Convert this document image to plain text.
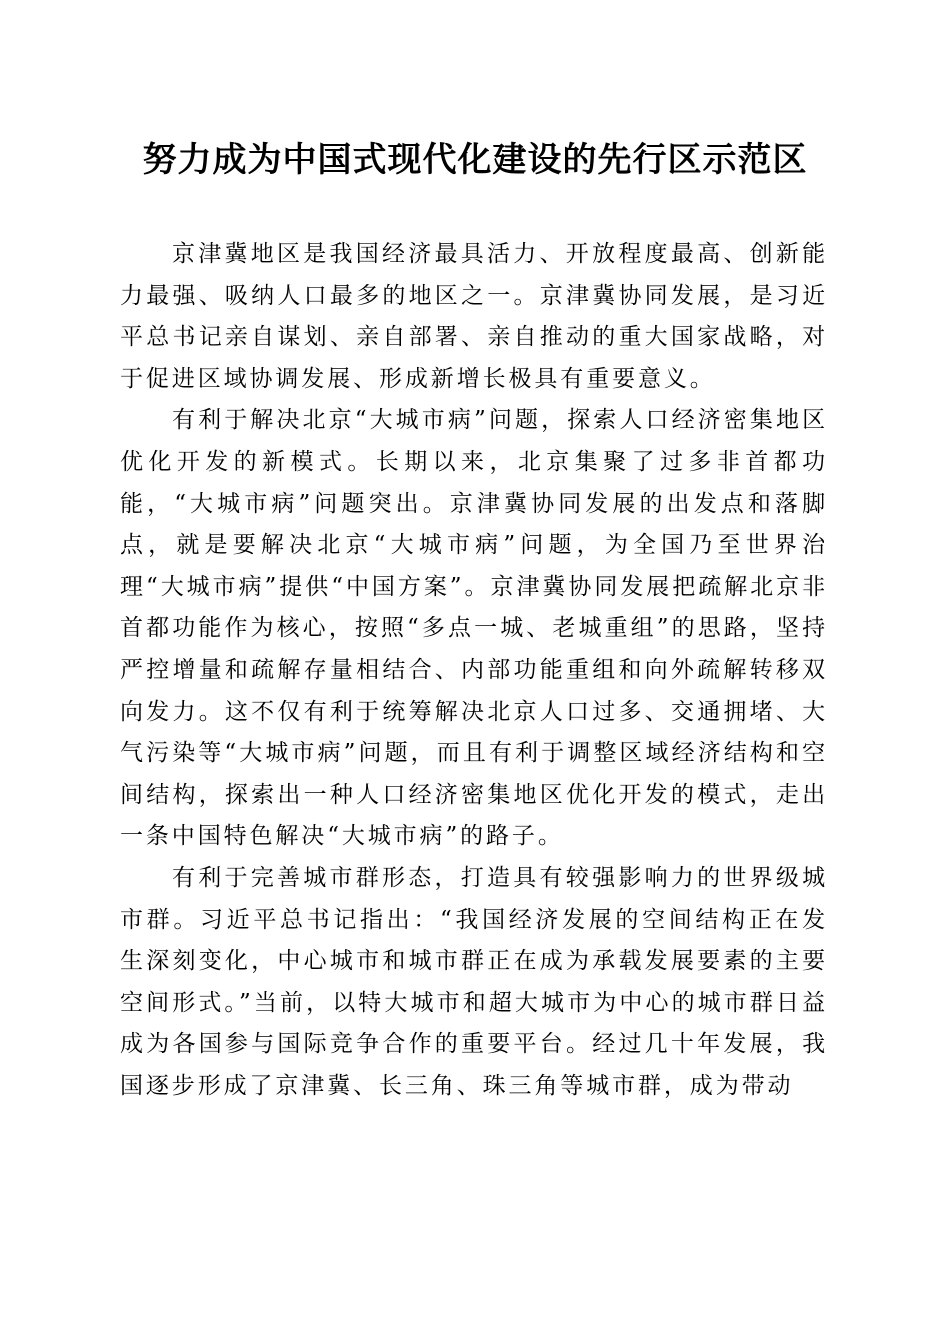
努力成为中国式现代化建设的先行区示范区

京津冀地区是我国经济最具活力、开放程度最高、创新能力最强、吸纳人口最多的地区之一。京津冀协同发展，是习近平总书记亲自谋划、亲自部署、亲自推动的重大国家战略，对于促进区域协调发展、形成新增长极具有重要意义。

有利于解决北京“大城市病”问题，探索人口经济密集地区优化开发的新模式。长期以来，北京集聚了过多非首都功能，“大城市病”问题突出。京津冀协同发展的出发点和落脚点，就是要解决北京“大城市病”问题，为全国乃至世界治理“大城市病”提供“中国方案”。京津冀协同发展把疏解北京非首都功能作为核心，按照“多点一城、老城重组”的思路，坚持严控增量和疏解存量相结合、内部功能重组和向外疏解转移双向发力。这不仅有利于统筹解决北京人口过多、交通拥堵、大气污染等“大城市病”问题，而且有利于调整区域经济结构和空间结构，探索出一种人口经济密集地区优化开发的模式，走出一条中国特色解决“大城市病”的路子。

有利于完善城市群形态，打造具有较强影响力的世界级城市群。习近平总书记指出：“我国经济发展的空间结构正在发生深刻变化，中心城市和城市群正在成为承载发展要素的主要空间形式。”当前，以特大城市和超大城市为中心的城市群日益成为各国参与国际竞争合作的重要平台。经过几十年发展，我国逐步形成了京津冀、长三角、珠三角等城市群，成为带动
